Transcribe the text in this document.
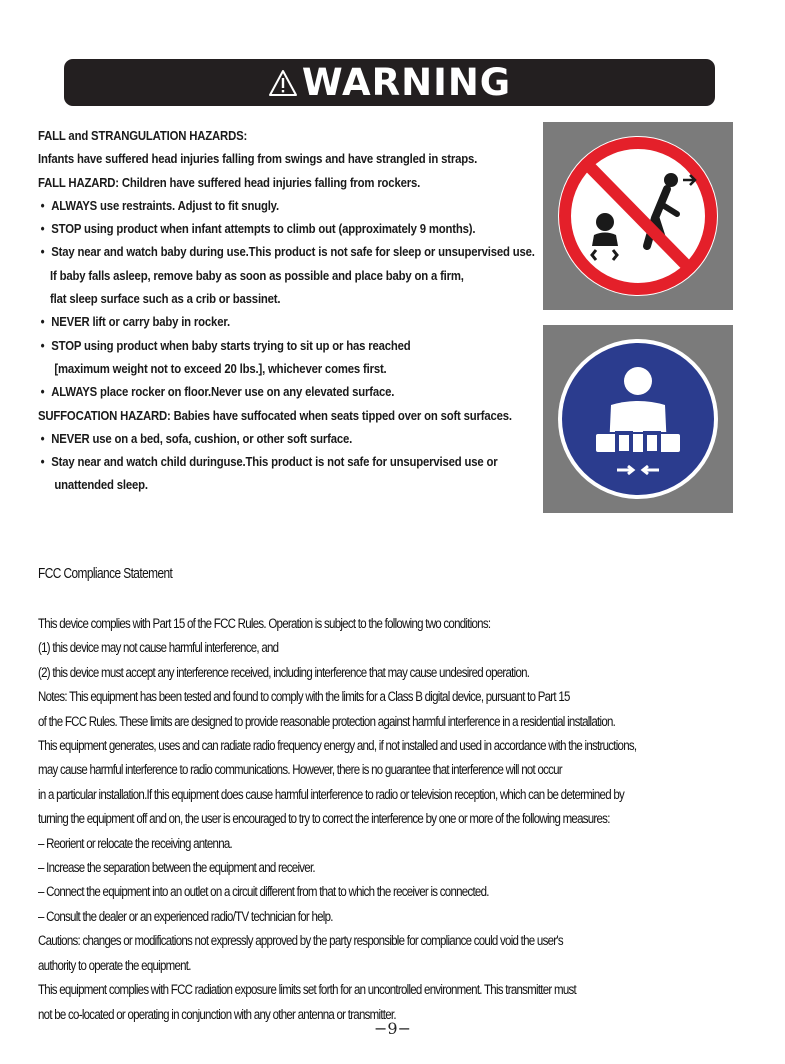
WARNING
FALL and STRANGULATION HAZARDS:
Infants have suffered head injuries falling from swings and have strangled in straps.
FALL HAZARD: Children have suffered head injuries falling from rockers.
• ALWAYS use restraints. Adjust to fit snugly.
• STOP using product when infant attempts to climb out (approximately 9 months).
• Stay near and watch baby during use.This product is not safe for sleep or unsupervised use.
If baby falls asleep, remove baby as soon as possible and place baby on a firm,
flat sleep surface such as a crib or bassinet.
• NEVER lift or carry baby in rocker.
• STOP using product when baby starts trying to sit up or has reached
[maximum weight not to exceed 20 lbs.], whichever comes first.
• ALWAYS place rocker on floor.Never use on any elevated surface.
SUFFOCATION HAZARD: Babies have suffocated when seats tipped over on soft surfaces.
• NEVER use on a bed, sofa, cushion, or other soft surface.
• Stay near and watch child duringuse.This product is not safe for unsupervised use or
unattended sleep.
FCC Compliance Statement
This device complies with Part 15 of the FCC Rules. Operation is subject to the following two conditions:
(1) this device may not cause harmful interference, and
(2) this device must accept any interference received, including interference that may cause undesired operation.
Notes: This equipment has been tested and found to comply with the limits for a Class B digital device, pursuant to Part 15
of the FCC Rules. These limits are designed to provide reasonable protection against harmful interference in a residential installation.
This equipment generates, uses and can radiate radio frequency energy and, if not installed and used in accordance with the instructions,
may cause harmful interference to radio communications. However, there is no guarantee that interference will not occur
in a particular installation.If this equipment does cause harmful interference to radio or television reception, which can be determined by
turning the equipment off and on, the user is encouraged to try to correct the interference by one or more of the following measures:
– Reorient or relocate the receiving antenna.
– Increase the separation between the equipment and receiver.
– Connect the equipment into an outlet on a circuit different from that to which the receiver is connected.
– Consult the dealer or an experienced radio/TV technician for help.
Cautions: changes or modifications not expressly approved by the party responsible for compliance could void the user's
authority to operate the equipment.
This equipment complies with FCC radiation exposure limits set forth for an uncontrolled environment. This transmitter must
not be co-located or operating in conjunction with any other antenna or transmitter.
−9−
